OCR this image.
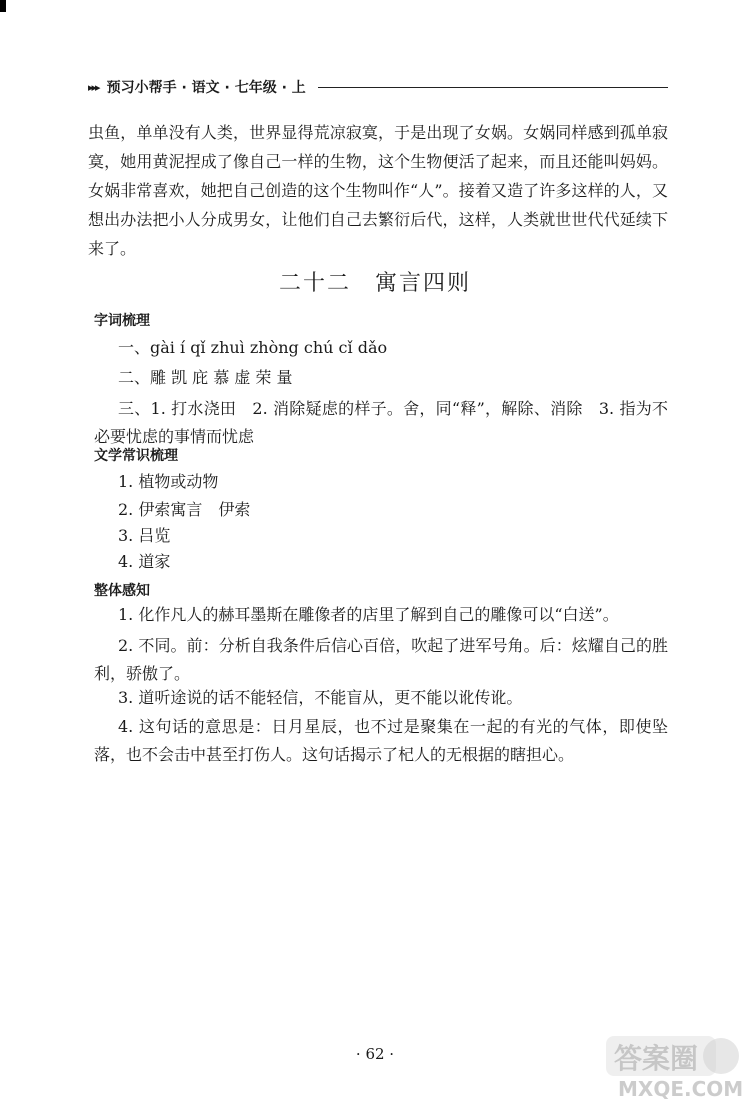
▸▸▸ 预习小帮手 · 语文 · 七年级 · 上
虫鱼，单单没有人类，世界显得荒凉寂寞，于是出现了女娲。女娲同样感到孤单寂寞，她用黄泥捏成了像自己一样的生物，这个生物便活了起来，而且还能叫妈妈。女娲非常喜欢，她把自己创造的这个生物叫作“人”。接着又造了许多这样的人，又想出办法把小人分成男女，让他们自己去繁衍后代，这样，人类就世世代代延续下来了。
二十二　寓言四则
字词梳理
一、gài í qǐ zhuì zhòng chú cǐ dǎo
二、雕 凯 庇 慕 虚 荣 量
三、1. 打水浇田　2. 消除疑虑的样子。舍，同“释”，解除、消除　3. 指为不必要忧虑的事情而忧虑
文学常识梳理
1. 植物或动物
2. 伊索寓言　伊索
3. 吕览
4. 道家
整体感知
1. 化作凡人的赫耳墨斯在雕像者的店里了解到自己的雕像可以“白送”。
2. 不同。前：分析自我条件后信心百倍，吹起了进军号角。后：炫耀自己的胜利，骄傲了。
3. 道听途说的话不能轻信，不能盲从，更不能以讹传讹。
4. 这句话的意思是：日月星辰，也不过是聚集在一起的有光的气体，即使坠落，也不会击中甚至打伤人。这句话揭示了杞人的无根据的瞎担心。
· 62 ·	答案圈
MXQE.COM
